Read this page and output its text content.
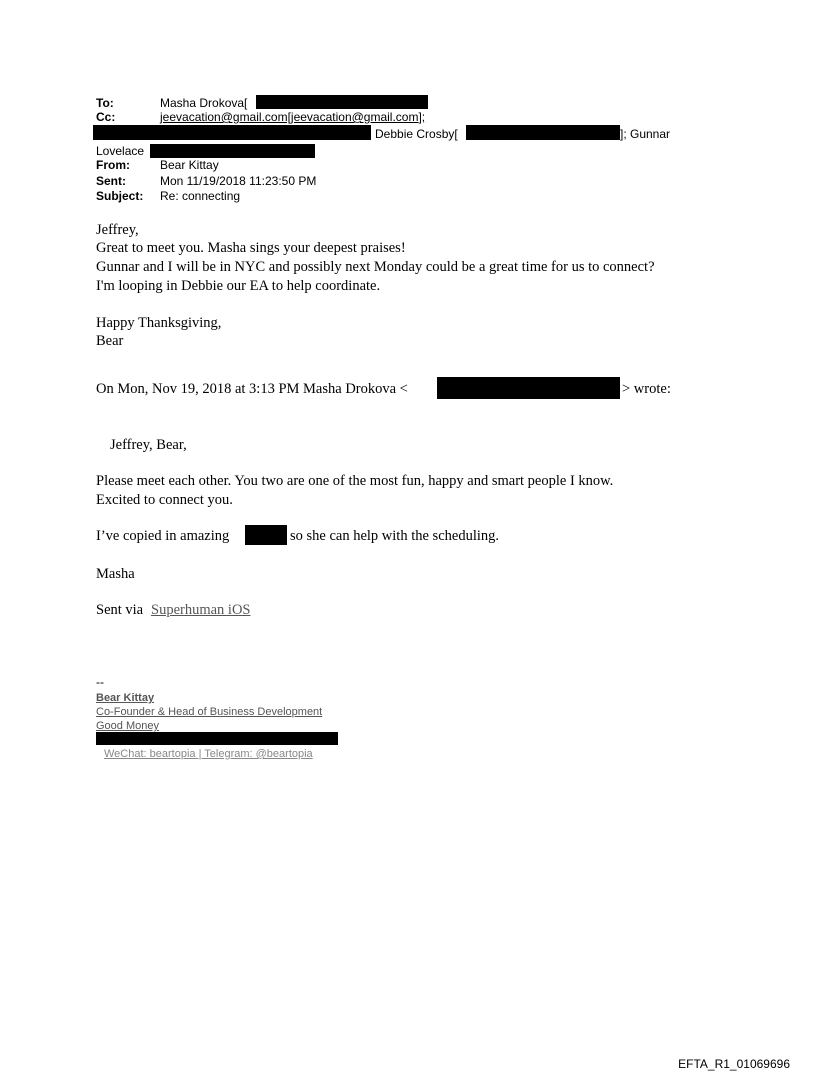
To:	Masha Drokova[
Cc:	jeevacation@gmail.com[jeevacation@gmail.com];
Debbie Crosby[	]; Gunnar
Lovelace
From:	Bear Kittay
Sent:	Mon 11/19/2018 11:23:50 PM
Subject: Re: connecting
Jeffrey,
Great to meet you. Masha sings your deepest praises!
Gunnar and I will be in NYC and possibly next Monday could be a great time for us to connect?
I'm looping in Debbie our EA to help coordinate.
Happy Thanksgiving,
Bear
On Mon, Nov 19, 2018 at 3:13 PM Masha Drokova <	> wrote:
Jeffrey, Bear,
Please meet each other. You two are one of the most fun, happy and smart people I know.
Excited to connect you.
I’ve copied in amazing	so she can help with the scheduling.
Masha
Sent via Superhuman iOS
--
Bear Kittay
Co-Founder & Head of Business Development
Good Money
WeChat: beartopia | Telegram: @beartopia
EFTA_R1_01069696
